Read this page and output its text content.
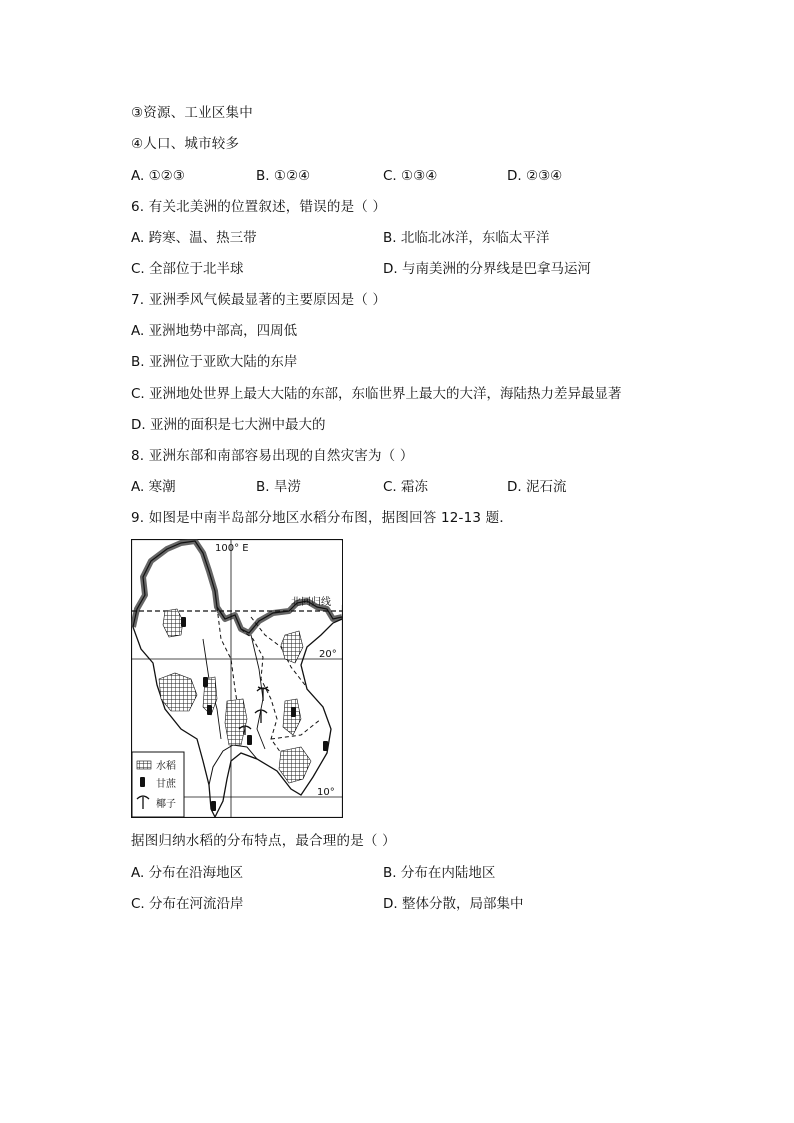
③资源、工业区集中
④人口、城市较多
A. ①②③	B. ①②④	C. ①③④	D. ②③④
6. 有关北美洲的位置叙述，错误的是（ ）
A. 跨寒、温、热三带	B. 北临北冰洋，东临太平洋
C. 全部位于北半球	D. 与南美洲的分界线是巴拿马运河
7. 亚洲季风气候最显著的主要原因是（ ）
A. 亚洲地势中部高，四周低
B. 亚洲位于亚欧大陆的东岸
C. 亚洲地处世界上最大大陆的东部，东临世界上最大的大洋，海陆热力差异最显著
D. 亚洲的面积是七大洲中最大的
8. 亚洲东部和南部容易出现的自然灾害为（ ）
A. 寒潮	B. 旱涝	C. 霜冻	D. 泥石流
9. 如图是中南半岛部分地区水稻分布图，据图回答 12-13 题．
100° E
北回归线
20°
10°
水稻
甘蔗
椰子
据图归纳水稻的分布特点，最合理的是（ ）
A. 分布在沿海地区	B. 分布在内陆地区
C. 分布在河流沿岸	D. 整体分散，局部集中
